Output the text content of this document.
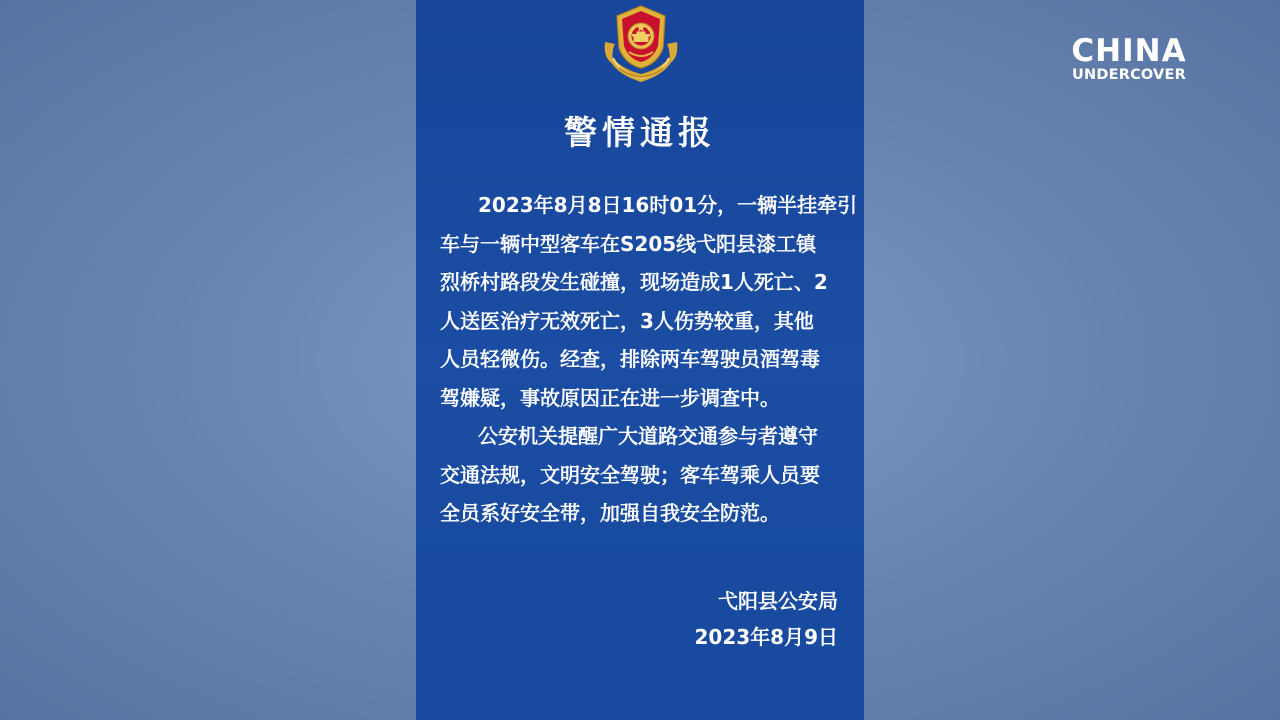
CHINA
UNDERCOVER
警情通报
2023年8月8日16时01分，一辆半挂牵引
车与一辆中型客车在S205线弋阳县漆工镇
烈桥村路段发生碰撞，现场造成1人死亡、2
人送医治疗无效死亡，3人伤势较重，其他
人员轻微伤。经查，排除两车驾驶员酒驾毒
驾嫌疑，事故原因正在进一步调查中。
公安机关提醒广大道路交通参与者遵守
交通法规，文明安全驾驶；客车驾乘人员要
全员系好安全带，加强自我安全防范。
弋阳县公安局
2023年8月9日
